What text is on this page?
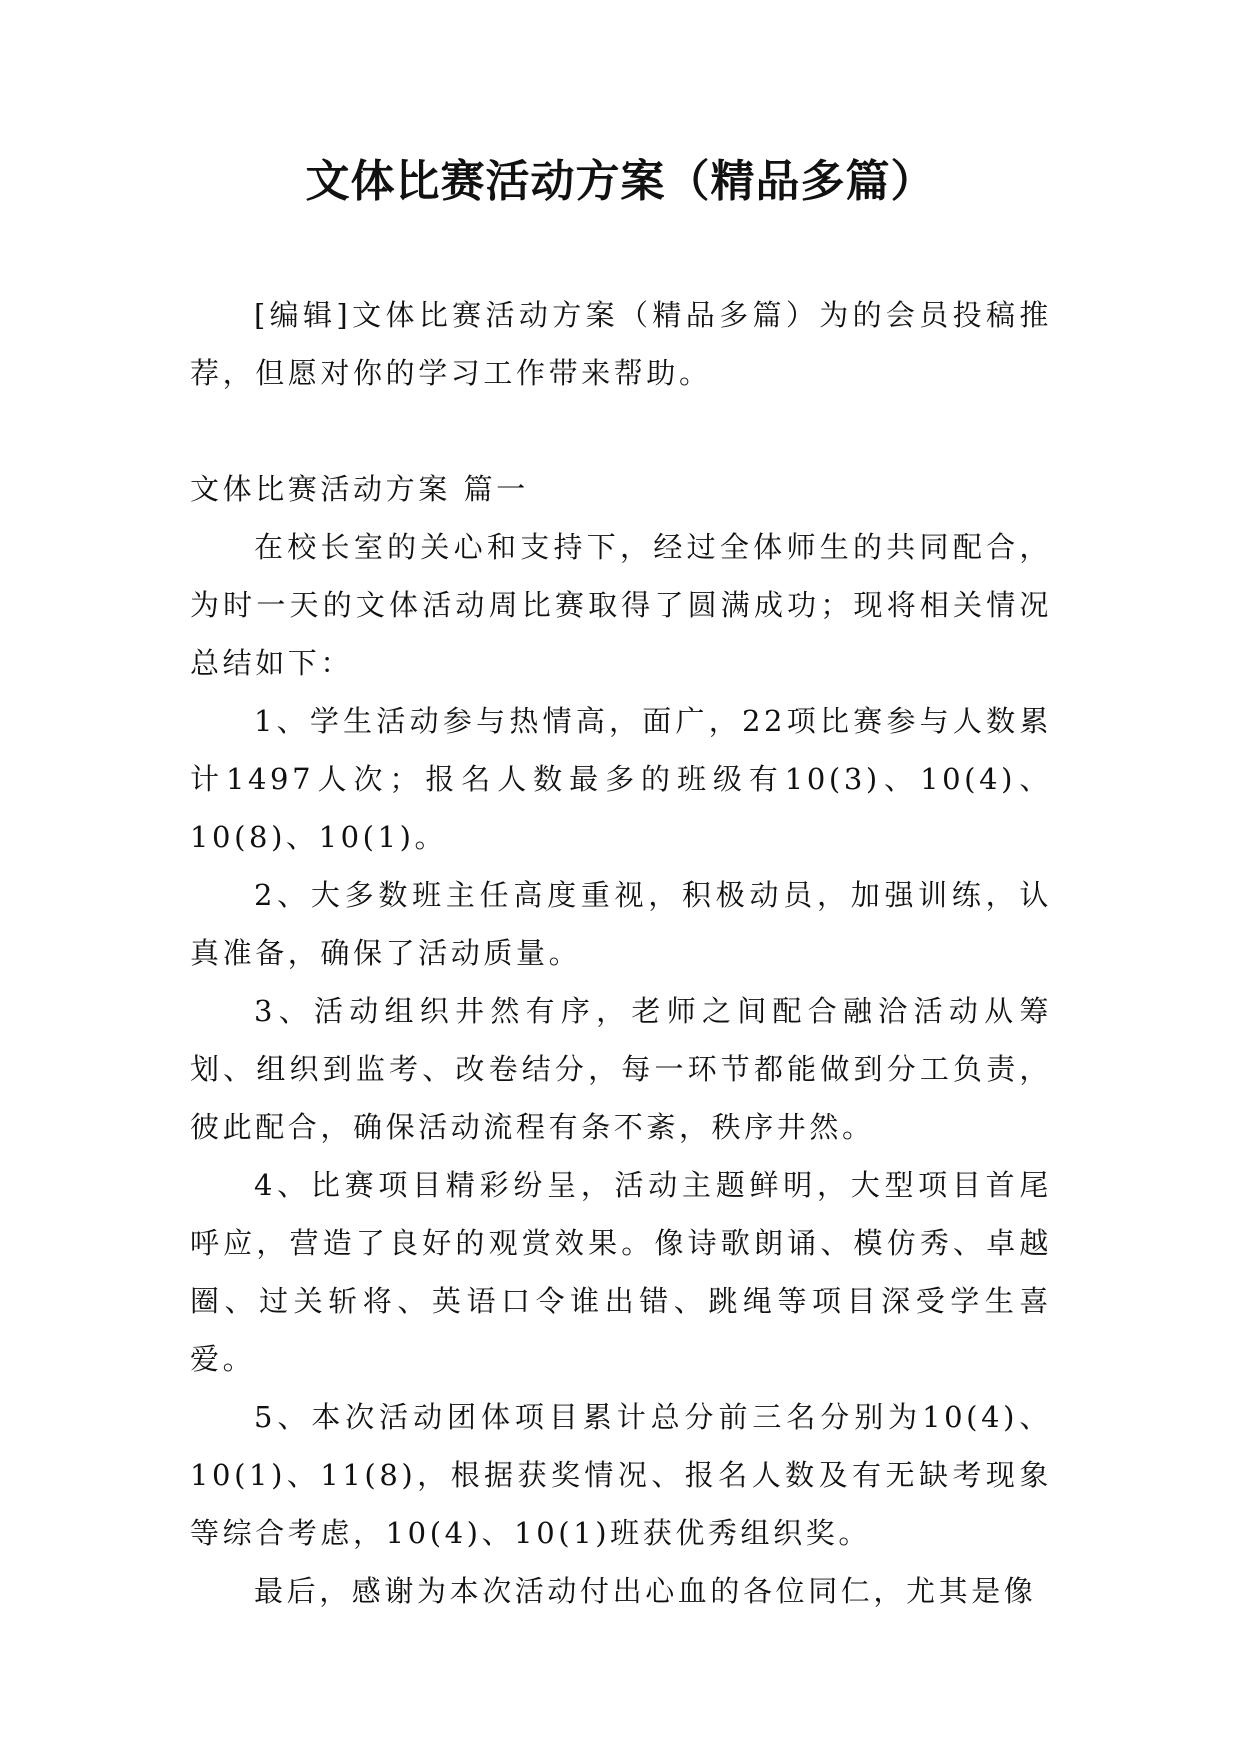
文体比赛活动方案（精品多篇）

[编辑]文体比赛活动方案（精品多篇）为的会员投稿推荐，但愿对你的学习工作带来帮助。

文体比赛活动方案 篇一

在校长室的关心和支持下，经过全体师生的共同配合，为时一天的文体活动周比赛取得了圆满成功；现将相关情况总结如下：

1、学生活动参与热情高，面广，22项比赛参与人数累计1497人次；报名人数最多的班级有10(3)、10(4)、10(8)、10(1)。

2、大多数班主任高度重视，积极动员，加强训练，认真准备，确保了活动质量。

3、活动组织井然有序，老师之间配合融洽活动从筹划、组织到监考、改卷结分，每一环节都能做到分工负责，彼此配合，确保活动流程有条不紊，秩序井然。

4、比赛项目精彩纷呈，活动主题鲜明，大型项目首尾呼应，营造了良好的观赏效果。像诗歌朗诵、模仿秀、卓越圈、过关斩将、英语口令谁出错、跳绳等项目深受学生喜爱。

5、本次活动团体项目累计总分前三名分别为10(4)、10(1)、11(8)，根据获奖情况、报名人数及有无缺考现象等综合考虑，10(4)、10(1)班获优秀组织奖。

最后，感谢为本次活动付出心血的各位同仁，尤其是像
